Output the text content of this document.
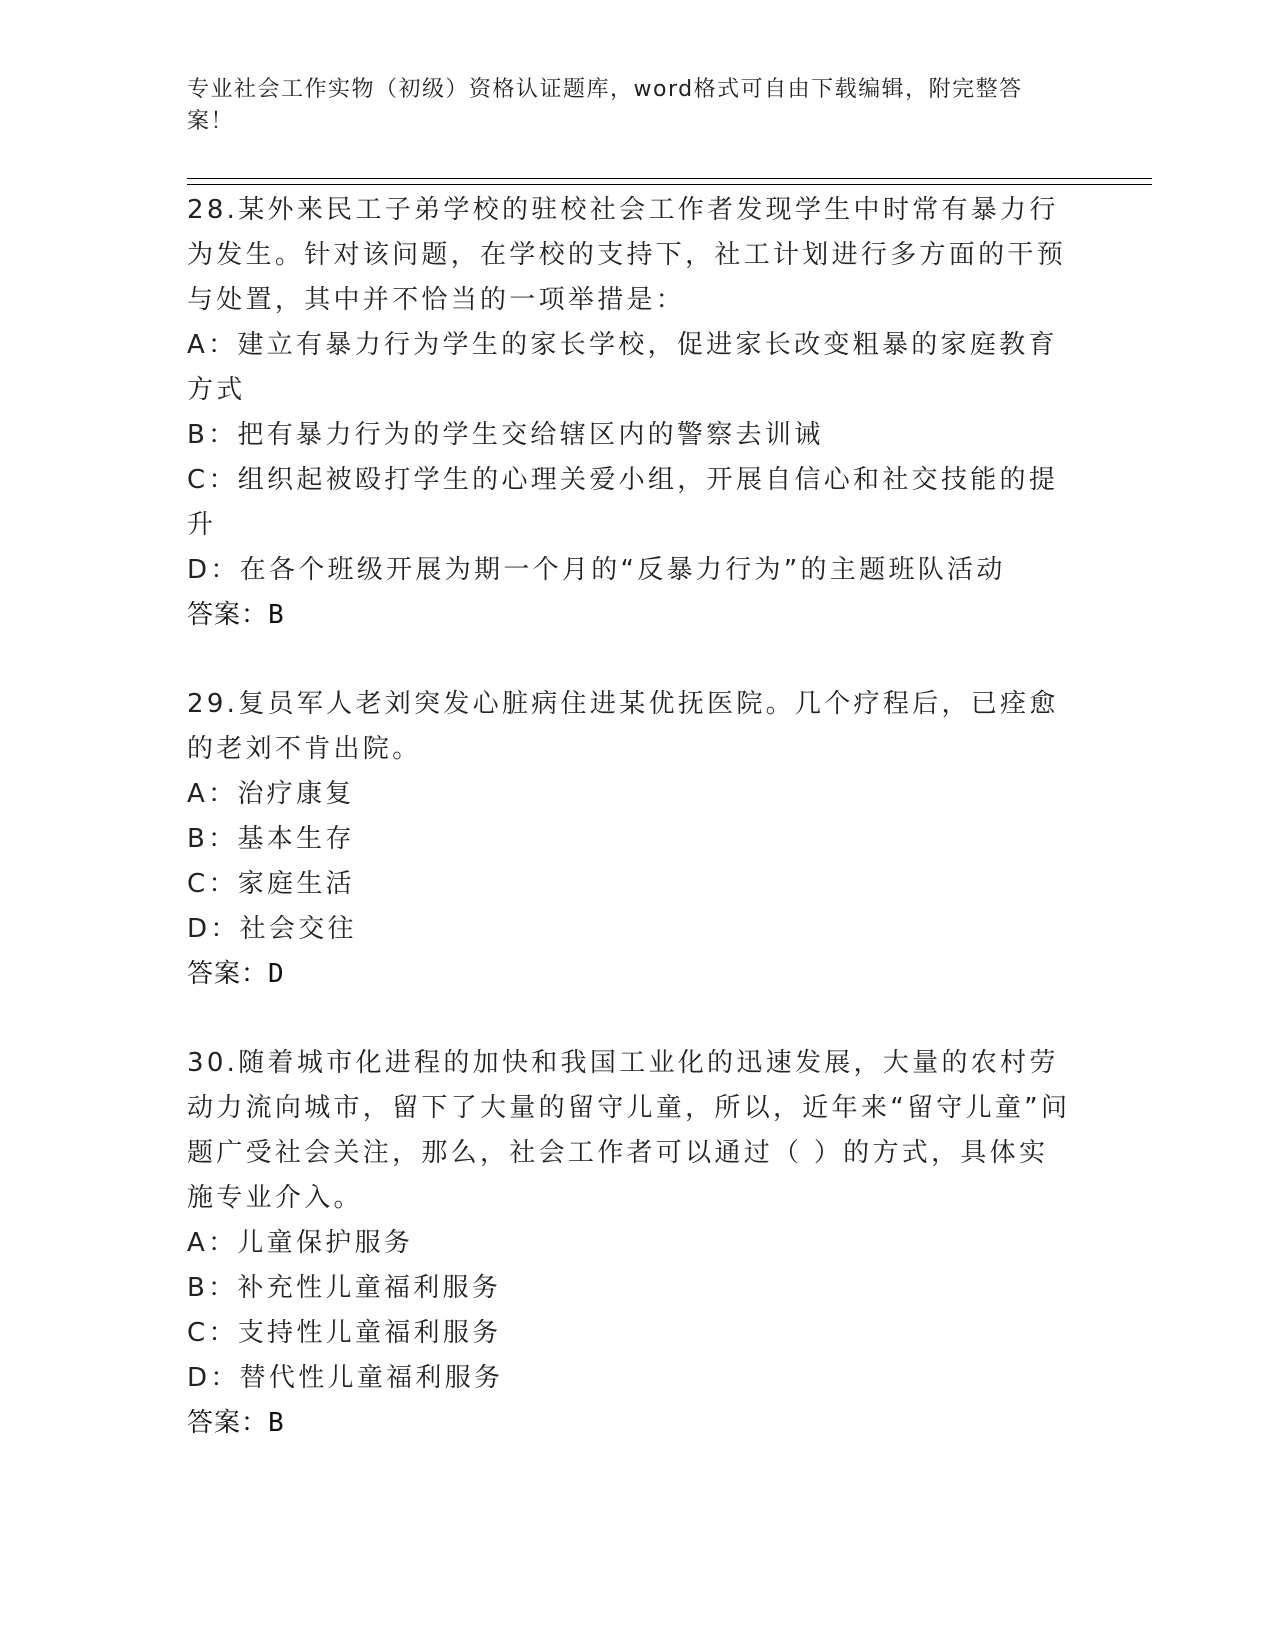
专业社会工作实物（初级）资格认证题库，word格式可自由下载编辑，附完整答案！

28.某外来民工子弟学校的驻校社会工作者发现学生中时常有暴力行为发生。针对该问题，在学校的支持下，社工计划进行多方面的干预与处置，其中并不恰当的一项举措是：

A：建立有暴力行为学生的家长学校，促进家长改变粗暴的家庭教育方式

B：把有暴力行为的学生交给辖区内的警察去训诫

C：组织起被殴打学生的心理关爱小组，开展自信心和社交技能的提升

D：在各个班级开展为期一个月的“反暴力行为”的主题班队活动

答案：B

29.复员军人老刘突发心脏病住进某优抚医院。几个疗程后，已痊愈的老刘不肯出院。

A：治疗康复

B：基本生存

C：家庭生活

D：社会交往

答案：D

30.随着城市化进程的加快和我国工业化的迅速发展，大量的农村劳动力流向城市，留下了大量的留守儿童，所以，近年来“留守儿童”问题广受社会关注，那么，社会工作者可以通过（ ）的方式，具体实施专业介入。

A：儿童保护服务

B：补充性儿童福利服务

C：支持性儿童福利服务

D：替代性儿童福利服务

答案：B
